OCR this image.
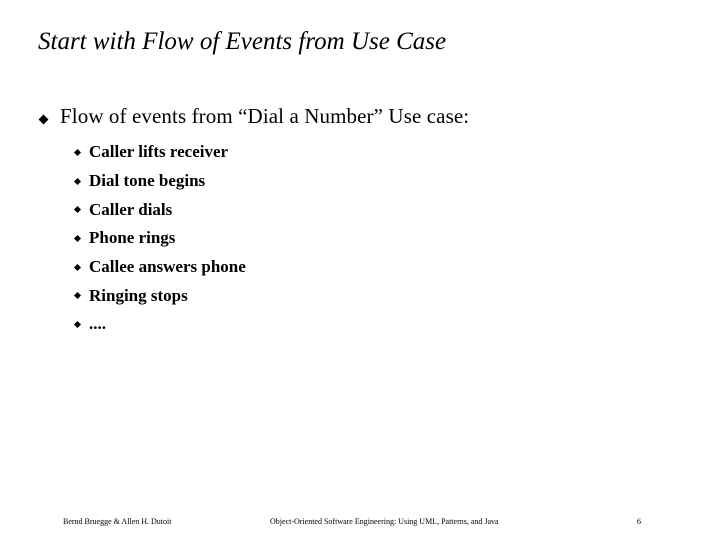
Start with Flow of Events from Use Case
Flow of events from “Dial a Number” Use case:
Caller lifts receiver
Dial tone begins
Caller dials
Phone rings
Callee answers phone
Ringing stops
....
Bernd Bruegge & Allen H. Dutoit	Object-Oriented Software Engineering: Using UML, Patterns, and Java	6
